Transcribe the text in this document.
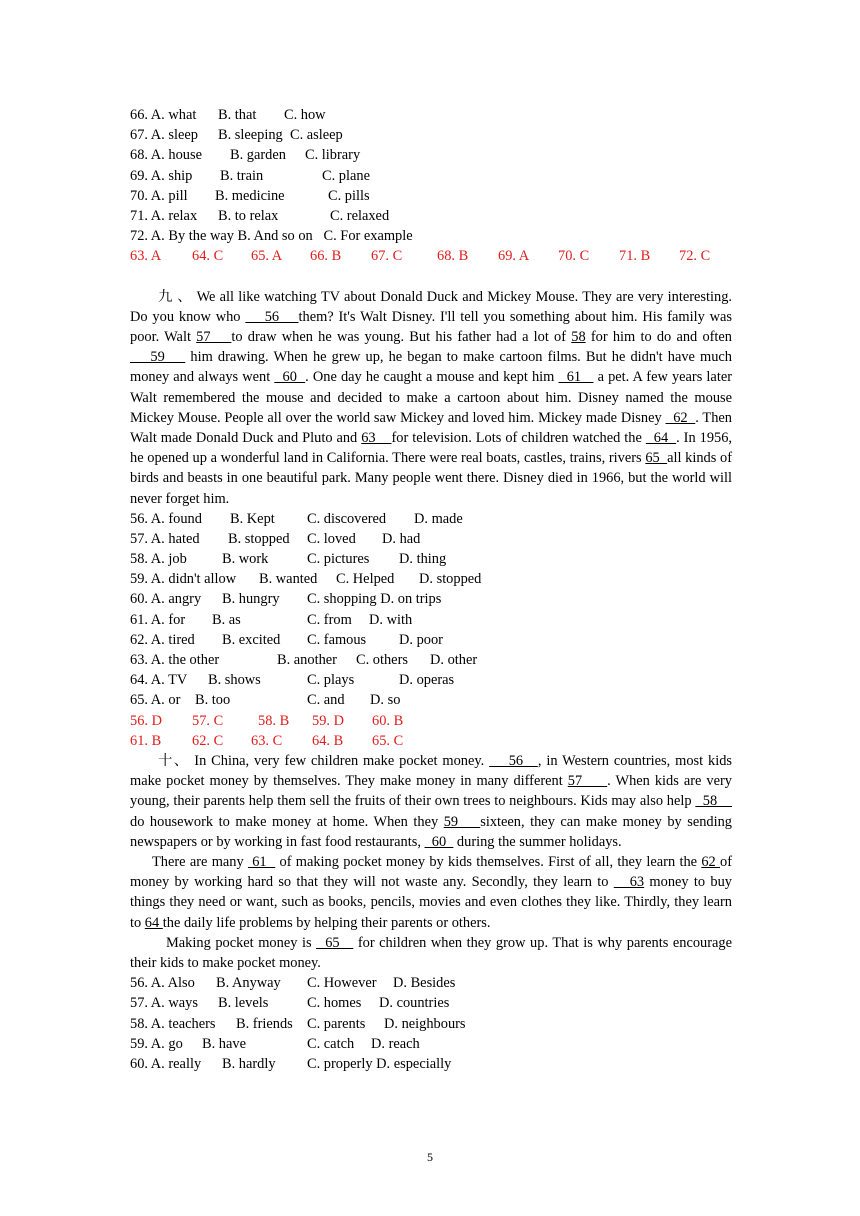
66. A. what B. that C. how
67. A. sleep B. sleeping C. asleep
68. A. house B. garden C. library
69. A. ship B. train	C. plane
70. A. pill B. medicine	C. pills
71. A. relax B. to relax	C. relaxed
72. A. By the way B. And so on C. For example
63. A 64. C 65. A 66. B 67. C 68. B 69. A 70. C 71. B 72. C
九 、 We all like watching TV about Donald Duck and Mickey Mouse. They are very interesting. Do you know who     56    them? It's Walt Disney. I'll tell you something about him. His family was poor. Walt 57    to draw when he was young. But his father had a lot of 58 for him to do and often     59     him drawing. When he grew up, he began to make cartoon films. But he didn't have much money and always went   60  . One day he caught a mouse and kept him   61    a pet. A few years later Walt remembered the mouse and decided to make a cartoon about him. Disney named the mouse Mickey Mouse. People all over the world saw Mickey and loved him. Mickey made Disney   62  . Then Walt made Donald Duck and Pluto and 63    for television. Lots of children watched the   64  . In 1956, he opened up a wonderful land in California. There were real boats, castles, trains, rivers 65  all kinds of birds and beasts in one beautiful park. Many people went there. Disney died in 1966, but the world will never forget him.
56. A. found B. Kept C. discovered D. made
57. A. hated B. stopped C. loved D. had
58. A. job B. work	C. pictures D. thing
59. A. didn't allow B. wanted C. Helped D. stopped
60. A. angry B. hungry C. shopping D. on trips
61. A. for B. as	C. from D. with
62. A. tired B. excited C. famous D. poor
63. A. the other	B. another C. others D. other
64. A. TV B. shows	C. plays	D. operas
65. A. or B. too	C. and D. so
56. D 57. C 58. B 59. D 60. B
61. B 62. C 63. C 64. B 65. C
十、 In China, very few children make pocket money.     56   , in Western countries, most kids make pocket money by themselves. They make money in many different 57     . When kids are very young, their parents help them sell the fruits of their own trees to neighbours. Kids may also help   58     do housework to make money at home. When they 59    sixteen, they can make money by sending newspapers or by working in fast food restaurants,   60   during the summer holidays.
There are many  61   of making pocket money by kids themselves. First of all, they learn the 62 of money by working hard so that they will not waste any. Secondly, they learn to    63 money to buy things they need or want, such as books, pencils, movies and even clothes they like. Thirdly, they learn to 64 the daily life problems by helping their parents or others.
Making pocket money is   65    for children when they grow up. That is why parents encourage their kids to make pocket money.
56. A. Also B. Anyway C. However D. Besides
57. A. ways B. levels	C. homes D. countries
58. A. teachers B. friends C. parents D. neighbours
59. A. go B. have	C. catch D. reach
60. A. really B. hardly C. properly D. especially
5
